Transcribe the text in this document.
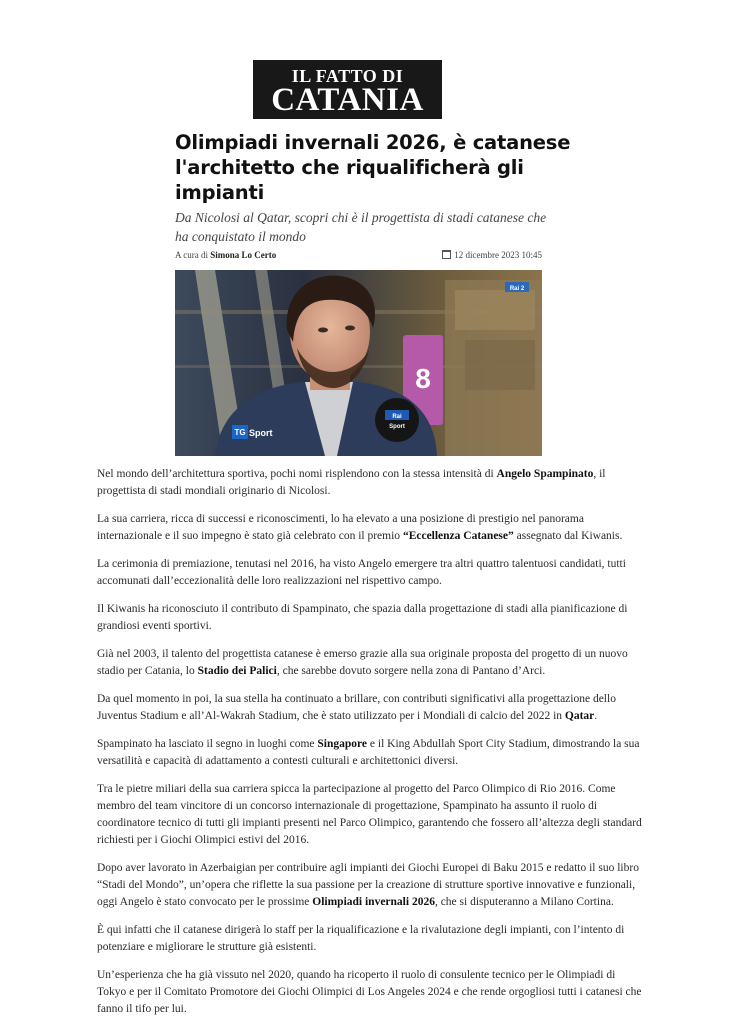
IL FATTO DI
CATANIA
Olimpiadi invernali 2026, è catanese l'architetto che riqualificherà gli impianti

Da Nicolosi al Qatar, scopri chi è il progettista di stadi catanese che ha conquistato il mondo

A cura di Simona Lo Certo	12 dicembre 2023 10:45
8
Rai
Sport
TG Sport
Rai 2

Nel mondo dell’architettura sportiva, pochi nomi risplendono con la stessa intensità di Angelo Spampinato, il progettista di stadi mondiali originario di Nicolosi.

La sua carriera, ricca di successi e riconoscimenti, lo ha elevato a una posizione di prestigio nel panorama internazionale e il suo impegno è stato già celebrato con il premio “Eccellenza Catanese” assegnato dal Kiwanis.

La cerimonia di premiazione, tenutasi nel 2016, ha visto Angelo emergere tra altri quattro talentuosi candidati, tutti accomunati dall’eccezionalità delle loro realizzazioni nel rispettivo campo.

Il Kiwanis ha riconosciuto il contributo di Spampinato, che spazia dalla progettazione di stadi alla pianificazione di grandiosi eventi sportivi.

Già nel 2003, il talento del progettista catanese è emerso grazie alla sua originale proposta del progetto di un nuovo stadio per Catania, lo Stadio dei Palici, che sarebbe dovuto sorgere nella zona di Pantano d’Arci.

Da quel momento in poi, la sua stella ha continuato a brillare, con contributi significativi alla progettazione dello Juventus Stadium e all’Al-Wakrah Stadium, che è stato utilizzato per i Mondiali di calcio del 2022 in Qatar.

Spampinato ha lasciato il segno in luoghi come Singapore e il King Abdullah Sport City Stadium, dimostrando la sua versatilità e capacità di adattamento a contesti culturali e architettonici diversi.

Tra le pietre miliari della sua carriera spicca la partecipazione al progetto del Parco Olimpico di Rio 2016. Come membro del team vincitore di un concorso internazionale di progettazione, Spampinato ha assunto il ruolo di coordinatore tecnico di tutti gli impianti presenti nel Parco Olimpico, garantendo che fossero all’altezza degli standard richiesti per i Giochi Olimpici estivi del 2016.

Dopo aver lavorato in Azerbaigian per contribuire agli impianti dei Giochi Europei di Baku 2015 e redatto il suo libro “Stadi del Mondo”, un’opera che riflette la sua passione per la creazione di strutture sportive innovative e funzionali, oggi Angelo è stato convocato per le prossime Olimpiadi invernali 2026, che si disputeranno a Milano Cortina.

È qui infatti che il catanese dirigerà lo staff per la riqualificazione e la rivalutazione degli impianti, con l’intento di potenziare e migliorare le strutture già esistenti.

Un’esperienza che ha già vissuto nel 2020, quando ha ricoperto il ruolo di consulente tecnico per le Olimpiadi di Tokyo e per il Comitato Promotore dei Giochi Olimpici di Los Angeles 2024 e che rende orgogliosi tutti i catanesi che fanno il tifo per lui.
